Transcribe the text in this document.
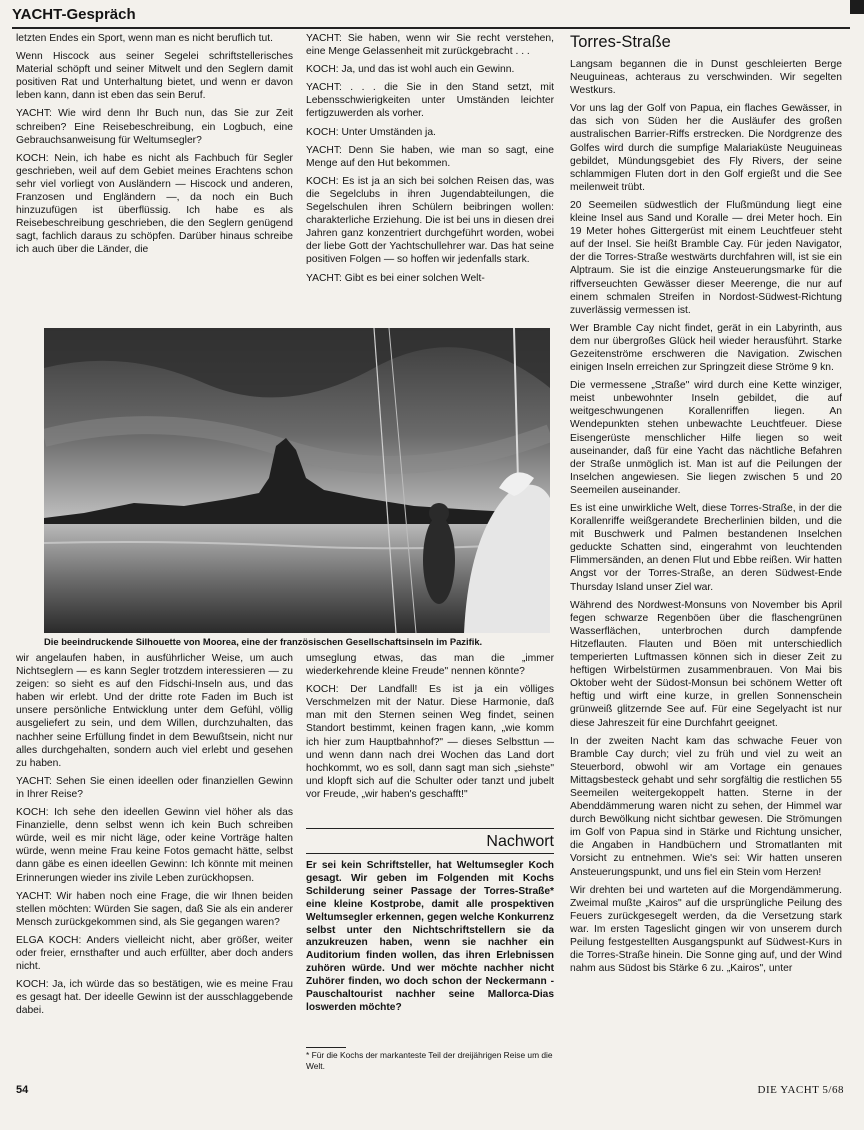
YACHT-Gespräch

letzten Endes ein Sport, wenn man es nicht beruflich tut.

Wenn Hiscock aus seiner Segelei schriftstellerisches Material schöpft und seiner Mitwelt und den Seglern damit positiven Rat und Unterhaltung bietet, und wenn er davon leben kann, dann ist eben das sein Beruf.

YACHT: Wie wird denn Ihr Buch nun, das Sie zur Zeit schreiben? Eine Reisebeschreibung, ein Logbuch, eine Gebrauchsanweisung für Weltumsegler?

KOCH: Nein, ich habe es nicht als Fachbuch für Segler geschrieben, weil auf dem Gebiet meines Erachtens schon sehr viel vorliegt von Ausländern — Hiscock und anderen, Franzosen und Engländern —, da noch ein Buch hinzuzufügen ist überflüssig. Ich habe es als Reisebeschreibung geschrieben, die den Seglern genügend sagt, fachlich daraus zu schöpfen. Darüber hinaus schreibe ich auch über die Länder, die

YACHT: Sie haben, wenn wir Sie recht verstehen, eine Menge Gelassenheit mit zurückgebracht . . .

KOCH: Ja, und das ist wohl auch ein Gewinn.

YACHT: . . . die Sie in den Stand setzt, mit Lebensschwierigkeiten unter Umständen leichter fertigzuwerden als vorher.

KOCH: Unter Umständen ja.

YACHT: Denn Sie haben, wie man so sagt, eine Menge auf den Hut bekommen.

KOCH: Es ist ja an sich bei solchen Reisen das, was die Segelclubs in ihren Jugendabteilungen, die Segelschulen ihren Schülern beibringen wollen: charakterliche Erziehung. Die ist bei uns in diesen drei Jahren ganz konzentriert durchgeführt worden, wobei der liebe Gott der Yachtschullehrer war. Das hat seine positiven Folgen — so hoffen wir jedenfalls stark.

YACHT: Gibt es bei einer solchen Welt-

Die beeindruckende Silhouette von Moorea, eine der französischen Gesellschaftsinseln im Pazifik.

wir angelaufen haben, in ausführlicher Weise, um auch Nichtseglern — es kann Segler trotzdem interessieren — zu zeigen: so sieht es auf den Fidschi-Inseln aus, und das haben wir erlebt. Und der dritte rote Faden im Buch ist unsere persönliche Entwicklung unter dem Gefühl, völlig ausgeliefert zu sein, und dem Willen, durchzuhalten, das nachher seine Erfüllung findet in dem Bewußtsein, nicht nur alles durchgehalten, sondern auch viel erlebt und gesehen zu haben.

YACHT: Sehen Sie einen ideellen oder finanziellen Gewinn in Ihrer Reise?

KOCH: Ich sehe den ideellen Gewinn viel höher als das Finanzielle, denn selbst wenn ich kein Buch schreiben würde, weil es mir nicht läge, oder keine Vorträge halten würde, wenn meine Frau keine Fotos gemacht hätte, selbst dann gäbe es einen ideellen Gewinn: Ich könnte mit meinen Erinnerungen wieder ins zivile Leben zurückhopsen.

YACHT: Wir haben noch eine Frage, die wir Ihnen beiden stellen möchten: Würden Sie sagen, daß Sie als ein anderer Mensch zurückgekommen sind, als Sie gegangen waren?

ELGA KOCH: Anders vielleicht nicht, aber größer, weiter oder freier, ernsthafter und auch erfüllter, aber doch anders nicht.

KOCH: Ja, ich würde das so bestätigen, wie es meine Frau es gesagt hat. Der ideelle Gewinn ist der ausschlaggebende dabei.

umseglung etwas, das man die „immer wiederkehrende kleine Freude" nennen könnte?

KOCH: Der Landfall! Es ist ja ein völliges Verschmelzen mit der Natur. Diese Harmonie, daß man mit den Sternen seinen Weg findet, seinen Standort bestimmt, keinen fragen kann, „wie komm ich hier zum Hauptbahnhof?" — dieses Selbsttun — und wenn dann nach drei Wochen das Land dort hochkommt, wo es soll, dann sagt man sich „siehste" und klopft sich auf die Schulter oder tanzt und jubelt vor Freude, „wir haben's geschafft!"

Nachwort
Er sei kein Schriftsteller, hat Weltumsegler Koch gesagt. Wir geben im Folgenden mit Kochs Schilderung seiner Passage der Torres-Straße* eine kleine Kostprobe, damit alle prospektiven Weltumsegler erkennen, gegen welche Konkurrenz selbst unter den Nichtschriftstellern sie da anzukreuzen haben, wenn sie nachher ein Auditorium finden wollen, das ihren Erlebnissen zuhören würde. Und wer möchte nachher nicht Zuhörer finden, wo doch schon der Neckermann - Pauschaltourist nachher seine Mallorca-Dias loswerden möchte?
* Für die Kochs der markanteste Teil der dreijährigen Reise um die Welt.
Torres-Straße

Langsam begannen die in Dunst geschleierten Berge Neuguineas, achteraus zu verschwinden. Wir segelten Westkurs.

Vor uns lag der Golf von Papua, ein flaches Gewässer, in das sich von Süden her die Ausläufer des großen australischen Barrier-Riffs erstrecken. Die Nordgrenze des Golfes wird durch die sumpfige Malariaküste Neuguineas gebildet, Mündungsgebiet des Fly Rivers, der seine schlammigen Fluten dort in den Golf ergießt und die See meilenweit trübt.

20 Seemeilen südwestlich der Flußmündung liegt eine kleine Insel aus Sand und Koralle — drei Meter hoch. Ein 19 Meter hohes Gittergerüst mit einem Leuchtfeuer steht auf der Insel. Sie heißt Bramble Cay. Für jeden Navigator, der die Torres-Straße westwärts durchfahren will, ist sie ein Alptraum. Sie ist die einzige Ansteuerungsmarke für die riffverseuchten Gewässer dieser Meerenge, die nur auf einem schmalen Streifen in Nordost-Südwest-Richtung zuverlässig vermessen ist.

Wer Bramble Cay nicht findet, gerät in ein Labyrinth, aus dem nur übergroßes Glück heil wieder herausführt. Starke Gezeitenströme erschweren die Navigation. Zwischen einigen Inseln erreichen zur Springzeit diese Ströme 9 kn.

Die vermessene „Straße" wird durch eine Kette winziger, meist unbewohnter Inseln gebildet, die auf weitgeschwungenen Korallenriffen liegen. An Wendepunkten stehen unbewachte Leuchtfeuer. Diese Eisengerüste menschlicher Hilfe liegen so weit auseinander, daß für eine Yacht das nächtliche Befahren der Straße unmöglich ist. Man ist auf die Peilungen der Inselchen angewiesen. Sie liegen zwischen 5 und 20 Seemeilen auseinander.

Es ist eine unwirkliche Welt, diese Torres-Straße, in der die Korallenriffe weißgerandete Brecherlinien bilden, und die mit Buschwerk und Palmen bestandenen Inselchen geduckte Schatten sind, eingerahmt von leuchtenden Flimmersänden, an denen Flut und Ebbe reißen. Wir hatten Angst vor der Torres-Straße, an deren Südwest-Ende Thursday Island unser Ziel war.

Während des Nordwest-Monsuns von November bis April fegen schwarze Regenböen über die flaschengrünen Wasserflächen, unterbrochen durch dampfende Hitzeflauten. Flauten und Böen mit unterschiedlich temperierten Luftmassen können sich in dieser Zeit zu heftigen Wirbelstürmen zusammenbrauen. Von Mai bis Oktober weht der Südost-Monsun bei schönem Wetter oft heftig und wirft eine kurze, in grellen Sonnenschein grünweiß glitzernde See auf. Für eine Segelyacht ist nur diese Jahreszeit für eine Durchfahrt geeignet.

In der zweiten Nacht kam das schwache Feuer von Bramble Cay durch; viel zu früh und viel zu weit an Steuerbord, obwohl wir am Vortage ein genaues Mittagsbesteck gehabt und sehr sorgfältig die restlichen 55 Seemeilen weitergekoppelt hatten. Sterne in der Abenddämmerung waren nicht zu sehen, der Himmel war durch Bewölkung nicht sichtbar gewesen. Die Strömungen im Golf von Papua sind in Stärke und Richtung unsicher, die Angaben in Handbüchern und Stromatlanten mit Vorsicht zu entnehmen. Wie's sei: Wir hatten unseren Ansteuerungspunkt, und uns fiel ein Stein vom Herzen!

Wir drehten bei und warteten auf die Morgendämmerung. Zweimal mußte „Kairos" auf die ursprüngliche Peilung des Feuers zurückgesegelt werden, da die Versetzung stark war. Im ersten Tageslicht gingen wir von unserem durch Peilung festgestellten Ausgangspunkt auf Südwest-Kurs in die Torres-Straße hinein. Die Sonne ging auf, und der Wind nahm aus Südost bis Stärke 6 zu. „Kairos", unter

54	DIE YACHT 5/68
